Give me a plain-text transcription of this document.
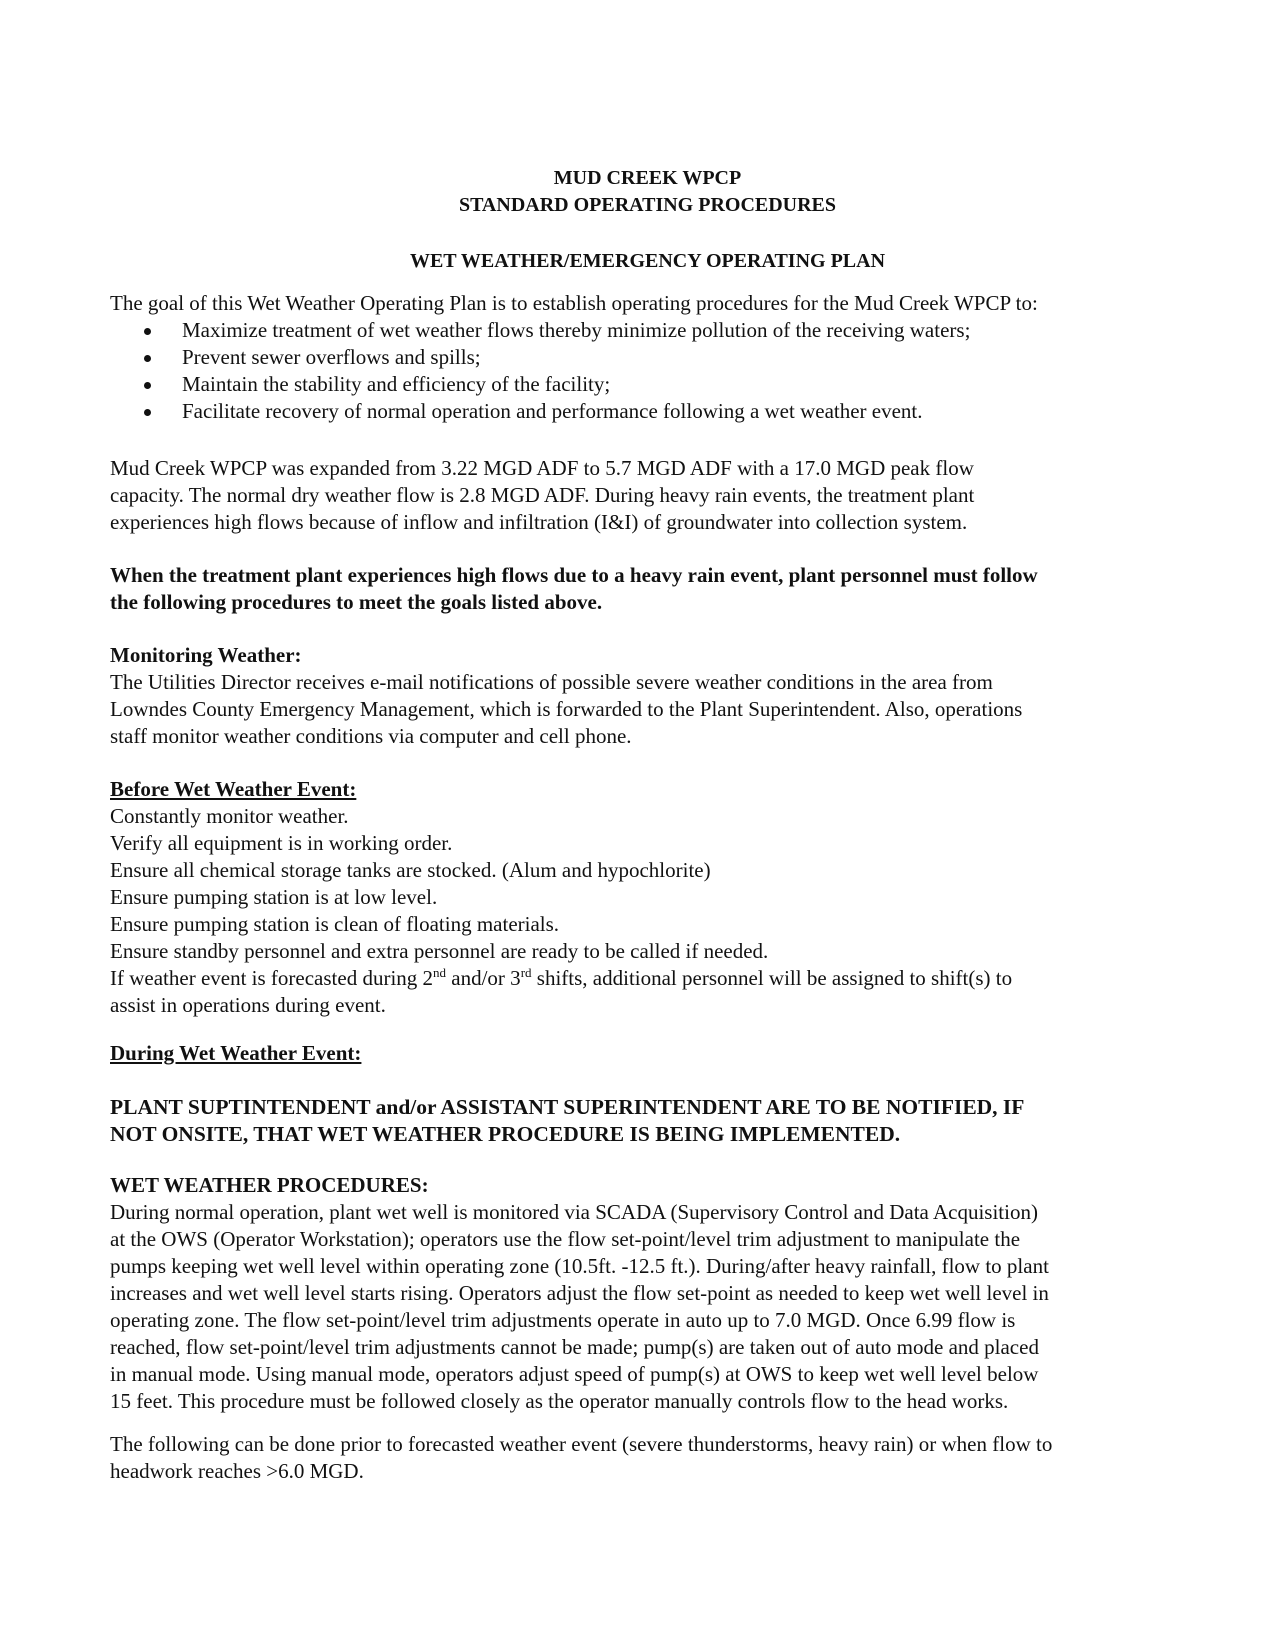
MUD CREEK WPCP
STANDARD OPERATING PROCEDURES
WET WEATHER/EMERGENCY OPERATING PLAN

The goal of this Wet Weather Operating Plan is to establish operating procedures for the Mud Creek WPCP to:

Maximize treatment of wet weather flows thereby minimize pollution of the receiving waters;
Prevent sewer overflows and spills;
Maintain the stability and efficiency of the facility;
Facilitate recovery of normal operation and performance following a wet weather event.

Mud Creek WPCP was expanded from 3.22 MGD ADF to 5.7 MGD ADF with a 17.0 MGD peak flow

capacity. The normal dry weather flow is 2.8 MGD ADF. During heavy rain events, the treatment plant

experiences high flows because of inflow and infiltration (I&I) of groundwater into collection system.

When the treatment plant experiences high flows due to a heavy rain event, plant personnel must follow

the following procedures to meet the goals listed above.

Monitoring Weather:

The Utilities Director receives e-mail notifications of possible severe weather conditions in the area from

Lowndes County Emergency Management, which is forwarded to the Plant Superintendent. Also, operations

staff monitor weather conditions via computer and cell phone.

Before Wet Weather Event:

Constantly monitor weather.

Verify all equipment is in working order.

Ensure all chemical storage tanks are stocked. (Alum and hypochlorite)

Ensure pumping station is at low level.

Ensure pumping station is clean of floating materials.

Ensure standby personnel and extra personnel are ready to be called if needed.

If weather event is forecasted during 2nd and/or 3rd shifts, additional personnel will be assigned to shift(s) to

assist in operations during event.

During Wet Weather Event:

PLANT SUPTINTENDENT and/or ASSISTANT SUPERINTENDENT ARE TO BE NOTIFIED, IF

NOT ONSITE, THAT WET WEATHER PROCEDURE IS BEING IMPLEMENTED.

WET WEATHER PROCEDURES:

During normal operation, plant wet well is monitored via SCADA (Supervisory Control and Data Acquisition)

at the OWS (Operator Workstation); operators use the flow set-point/level trim adjustment to manipulate the

pumps keeping wet well level within operating zone (10.5ft. -12.5 ft.). During/after heavy rainfall, flow to plant

increases and wet well level starts rising. Operators adjust the flow set-point as needed to keep wet well level in

operating zone. The flow set-point/level trim adjustments operate in auto up to 7.0 MGD. Once 6.99 flow is

reached, flow set-point/level trim adjustments cannot be made; pump(s) are taken out of auto mode and placed

in manual mode. Using manual mode, operators adjust speed of pump(s) at OWS to keep wet well level below

15 feet. This procedure must be followed closely as the operator manually controls flow to the head works.

The following can be done prior to forecasted weather event (severe thunderstorms, heavy rain) or when flow to

headwork reaches >6.0 MGD.
